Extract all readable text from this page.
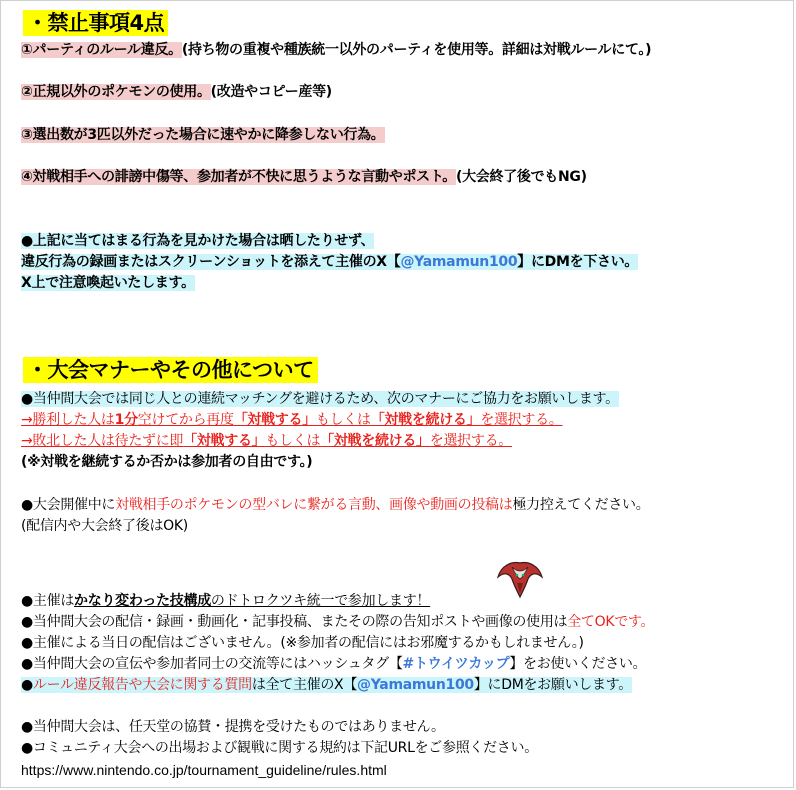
・禁止事項4点
①パーティのルール違反。(持ち物の重複や種族統一以外のパーティを使用等。詳細は対戦ルールにて。)
②正規以外のポケモンの使用。(改造やコピー産等)
③選出数が3匹以外だった場合に速やかに降参しない行為。
④対戦相手への誹謗中傷等、参加者が不快に思うような言動やポスト。(大会終了後でもNG)
●上記に当てはまる行為を見かけた場合は晒したりせず、
違反行為の録画またはスクリーンショットを添えて主催のX【@Yamamun100】にDMを下さい。
X上で注意喚起いたします。
・大会マナーやその他について
●当仲間大会では同じ人との連続マッチングを避けるため、次のマナーにご協力をお願いします。
→勝利した人は1分空けてから再度「対戦する」もしくは「対戦を続ける」を選択する。
→敗北した人は待たずに即「対戦する」もしくは「対戦を続ける」を選択する。
(※対戦を継続するか否かは参加者の自由です。)
●大会開催中に対戦相手のポケモンの型バレに繋がる言動、画像や動画の投稿は極力控えてください。
(配信内や大会終了後はOK)
●主催はかなり変わった技構成のドトロクツキ統一で参加します！
●当仲間大会の配信・録画・動画化・記事投稿、またその際の告知ポストや画像の使用は全てOKです。
●主催による当日の配信はございません。(※参加者の配信にはお邪魔するかもしれません。)
●当仲間大会の宣伝や参加者同士の交流等にはハッシュタグ【#トウイツカップ】をお使いください。
●ルール違反報告や大会に関する質問は全て主催のX【@Yamamun100】にDMをお願いします。
●当仲間大会は、任天堂の協賛・提携を受けたものではありません。
●コミュニティ大会への出場および観戦に関する規約は下記URLをご参照ください。
https://www.nintendo.co.jp/tournament_guideline/rules.html
